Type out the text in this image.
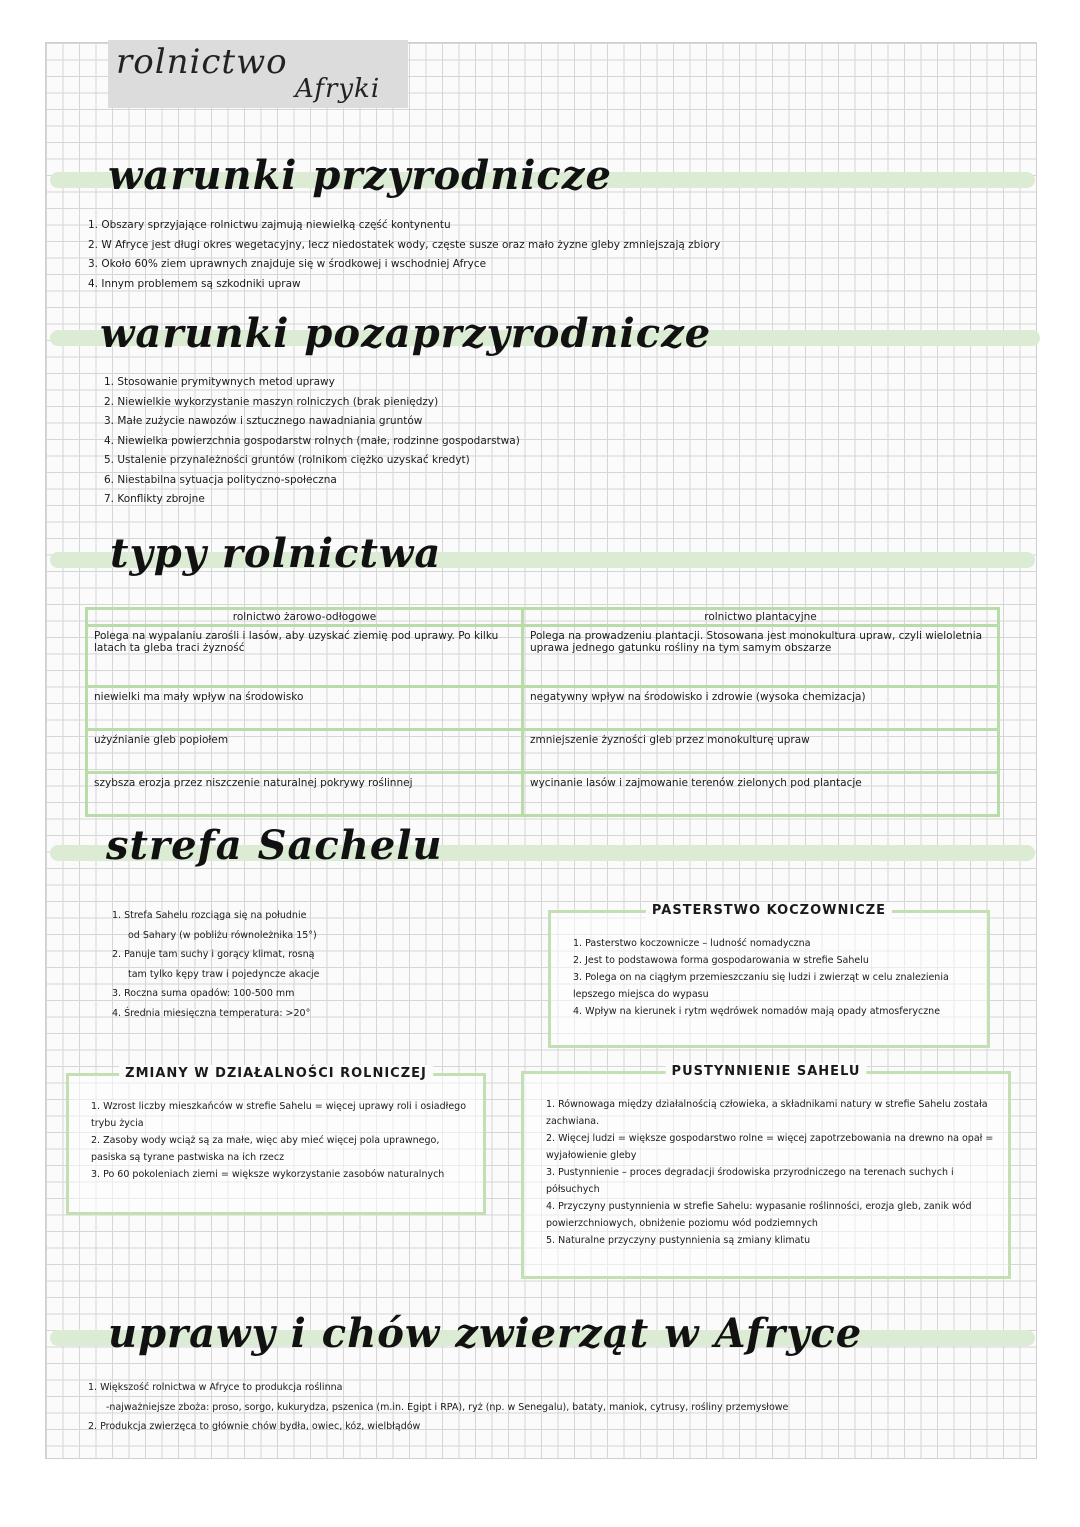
rolnictwo
Afryki
warunki przyrodnicze
1. Obszary sprzyjające rolnictwu zajmują niewielką część kontynentu
2. W Afryce jest długi okres wegetacyjny, lecz niedostatek wody, częste susze oraz mało żyzne gleby zmniejszają zbiory
3. Około 60% ziem uprawnych znajduje się w środkowej i wschodniej Afryce
4. Innym problemem są szkodniki upraw
warunki pozaprzyrodnicze
1. Stosowanie prymitywnych metod uprawy
2. Niewielkie wykorzystanie maszyn rolniczych (brak pieniędzy)
3. Małe zużycie nawozów i sztucznego nawadniania gruntów
4. Niewielka powierzchnia gospodarstw rolnych (małe, rodzinne gospodarstwa)
5. Ustalenie przynależności gruntów (rolnikom ciężko uzyskać kredyt)
6. Niestabilna sytuacja polityczno-społeczna
7. Konflikty zbrojne
typy rolnictwa
rolnictwo żarowo-odłogowe	rolnictwo plantacyjne
Polega na wypalaniu zarośli i lasów, aby uzyskać ziemię pod uprawy. Po kilku latach ta gleba traci żyzność	Polega na prowadzeniu plantacji. Stosowana jest monokultura upraw, czyli wieloletnia uprawa jednego gatunku rośliny na tym samym obszarze
niewielki ma mały wpływ na środowisko	negatywny wpływ na środowisko i zdrowie (wysoka chemizacja)
użyźnianie gleb popiołem	zmniejszenie żyzności gleb przez monokulturę upraw
szybsza erozja przez niszczenie naturalnej pokrywy roślinnej	wycinanie lasów i zajmowanie terenów zielonych pod plantacje
strefa Sachelu
1. Strefa Sahelu rozciąga się na południe
od Sahary (w pobliżu równoleżnika 15°)
2. Panuje tam suchy i gorący klimat, rosną
tam tylko kępy traw i pojedyncze akacje
3. Roczna suma opadów: 100-500 mm
4. Średnia miesięczna temperatura: >20°
PASTERSTWO KOCZOWNICZE
1. Pasterstwo koczownicze – ludność nomadyczna
2. Jest to podstawowa forma gospodarowania w strefie Sahelu
3. Polega on na ciągłym przemieszczaniu się ludzi i zwierząt w celu znalezienia lepszego miejsca do wypasu
4. Wpływ na kierunek i rytm wędrówek nomadów mają opady atmosferyczne
ZMIANY W DZIAŁALNOŚCI ROLNICZEJ
1. Wzrost liczby mieszkańców w strefie Sahelu = więcej uprawy roli i osiadłego trybu życia
2. Zasoby wody wciąż są za małe, więc aby mieć więcej pola uprawnego, pasiska są tyrane pastwiska na ich rzecz
3. Po 60 pokoleniach ziemi = większe wykorzystanie zasobów naturalnych
PUSTYNNIENIE SAHELU
1. Równowaga między działalnością człowieka, a składnikami natury w strefie Sahelu została zachwiana.
2. Więcej ludzi = większe gospodarstwo rolne = więcej zapotrzebowania na drewno na opał = wyjałowienie gleby
3. Pustynnienie – proces degradacji środowiska przyrodniczego na terenach suchych i półsuchych
4. Przyczyny pustynnienia w strefie Sahelu: wypasanie roślinności, erozja gleb, zanik wód powierzchniowych, obniżenie poziomu wód podziemnych
5. Naturalne przyczyny pustynnienia są zmiany klimatu
uprawy i chów zwierząt w Afryce
1. Większość rolnictwa w Afryce to produkcja roślinna
-najważniejsze zboża: proso, sorgo, kukurydza, pszenica (m.in. Egipt i RPA), ryż (np. w Senegalu), bataty, maniok, cytrusy, rośliny przemysłowe
2. Produkcja zwierzęca to głównie chów bydła, owiec, kóz, wielbłądów
